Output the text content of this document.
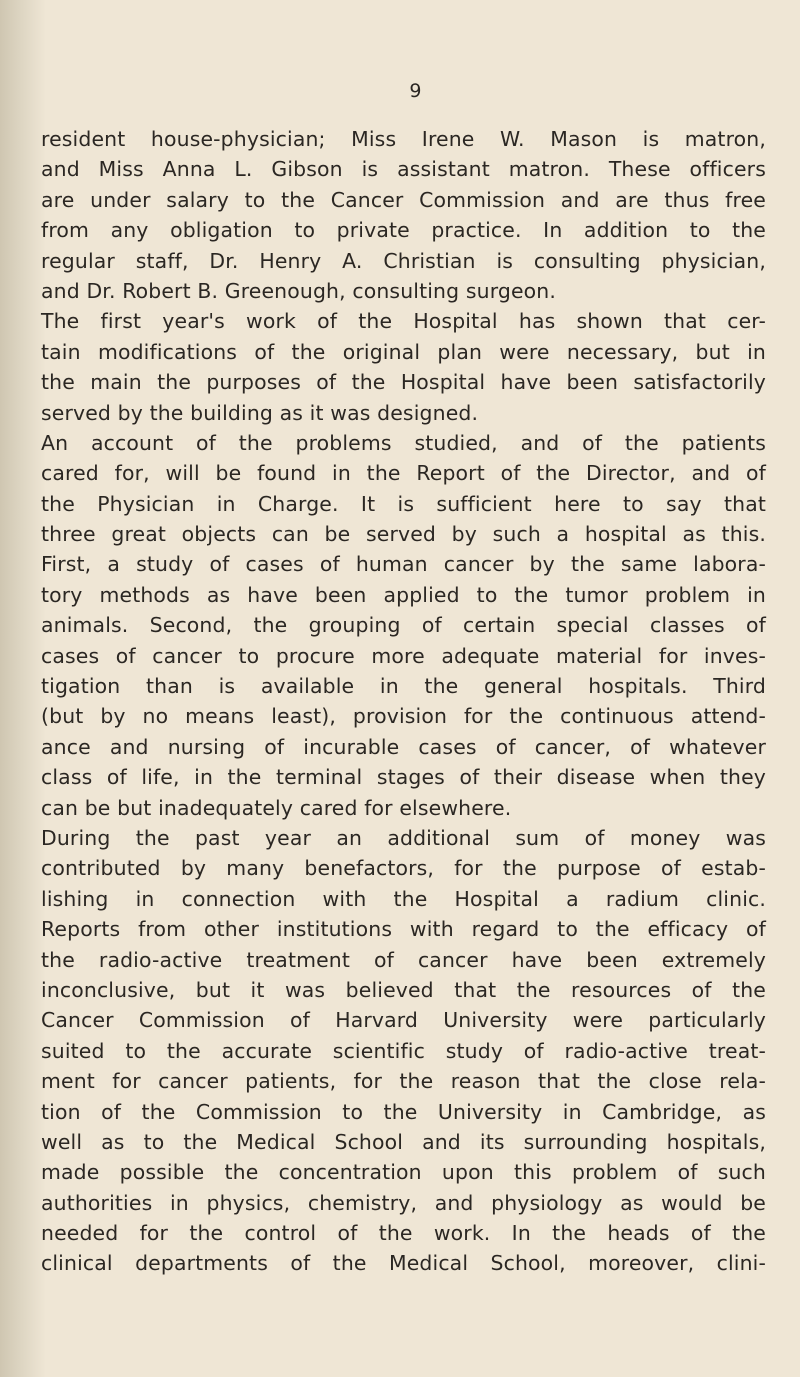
9
resident house-physician; Miss Irene W. Mason is matron,
and Miss Anna L. Gibson is assistant matron. These officers
are under salary to the Cancer Commission and are thus free
from any obligation to private practice. In addition to the
regular staff, Dr. Henry A. Christian is consulting physician,
and Dr. Robert B. Greenough, consulting surgeon.
The first year's work of the Hospital has shown that cer-
tain modifications of the original plan were necessary, but in
the main the purposes of the Hospital have been satisfactorily
served by the building as it was designed.
An account of the problems studied, and of the patients
cared for, will be found in the Report of the Director, and of
the Physician in Charge. It is sufficient here to say that
three great objects can be served by such a hospital as this.
First, a study of cases of human cancer by the same labora-
tory methods as have been applied to the tumor problem in
animals. Second, the grouping of certain special classes of
cases of cancer to procure more adequate material for inves-
tigation than is available in the general hospitals. Third
(but by no means least), provision for the continuous attend-
ance and nursing of incurable cases of cancer, of whatever
class of life, in the terminal stages of their disease when they
can be but inadequately cared for elsewhere.
During the past year an additional sum of money was
contributed by many benefactors, for the purpose of estab-
lishing in connection with the Hospital a radium clinic.
Reports from other institutions with regard to the efficacy of
the radio-active treatment of cancer have been extremely
inconclusive, but it was believed that the resources of the
Cancer Commission of Harvard University were particularly
suited to the accurate scientific study of radio-active treat-
ment for cancer patients, for the reason that the close rela-
tion of the Commission to the University in Cambridge, as
well as to the Medical School and its surrounding hospitals,
made possible the concentration upon this problem of such
authorities in physics, chemistry, and physiology as would be
needed for the control of the work. In the heads of the
clinical departments of the Medical School, moreover, clini-
